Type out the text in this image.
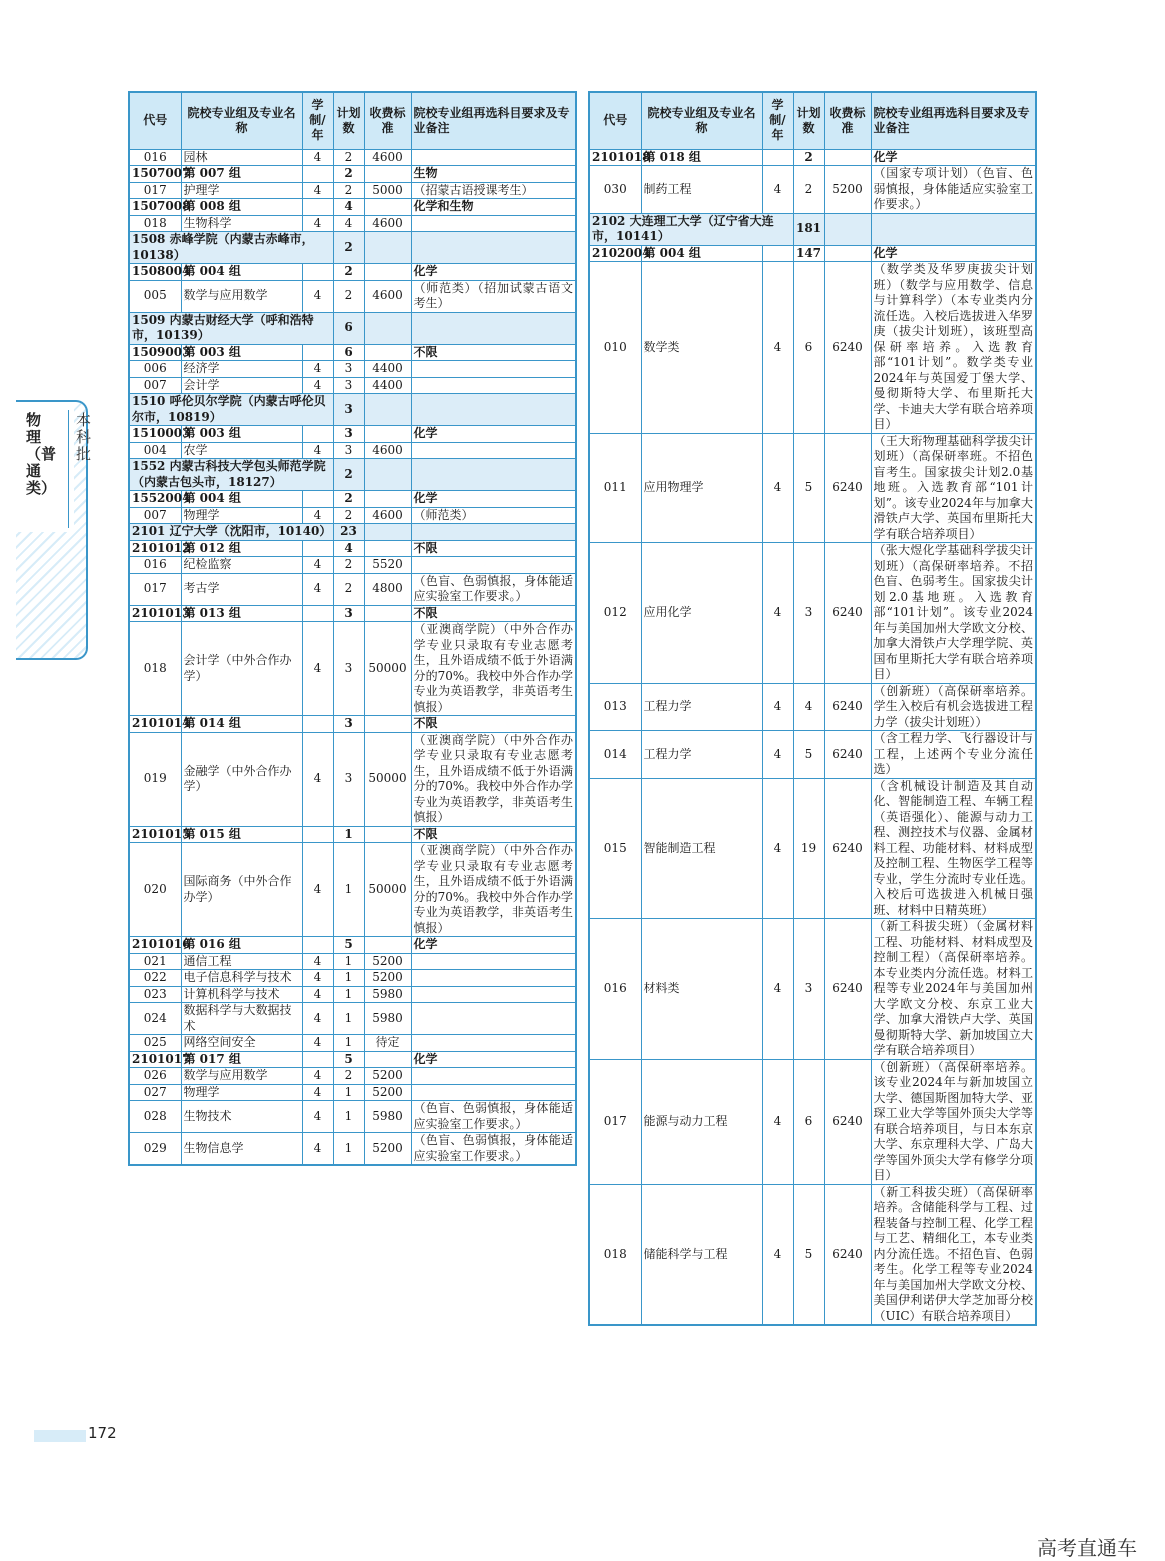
代号	院校专业组及专业名称	学制/年	计划数	收费标准	院校专业组再选科目要求及专业备注
016	园林	4	2	4600	
1507007	第 007 组		2		生物
017	护理学	4	2	5000	（招蒙古语授课考生）
1507008	第 008 组		4		化学和生物
018	生物科学	4	4	4600	
1508 赤峰学院（内蒙古赤峰市，10138）			2		
1508004	第 004 组		2		化学
005	数学与应用数学	4	2	4600	（师范类）（招加试蒙古语文考生）
1509 内蒙古财经大学（呼和浩特市，10139）			6		
1509003	第 003 组		6		不限
006	经济学	4	3	4400	
007	会计学	4	3	4400	
1510 呼伦贝尔学院（内蒙古呼伦贝尔市，10819）			3		
1510003	第 003 组		3		化学
004	农学	4	3	4600	
1552 内蒙古科技大学包头师范学院（内蒙古包头市，18127）			2		
1552004	第 004 组		2		化学
007	物理学	4	2	4600	（师范类）
2101 辽宁大学（沈阳市，10140）			23		
2101012	第 012 组		4		不限
016	纪检监察	4	2	5520	
017	考古学	4	2	4800	（色盲、色弱慎报，身体能适应实验室工作要求。）
2101013	第 013 组		3		不限
018	会计学（中外合作办学）	4	3	50000	（亚澳商学院）（中外合作办学专业只录取有专业志愿考生，且外语成绩不低于外语满分的70%。我校中外合作办学专业为英语教学，非英语考生慎报）
2101014	第 014 组		3		不限
019	金融学（中外合作办学）	4	3	50000	（亚澳商学院）（中外合作办学专业只录取有专业志愿考生，且外语成绩不低于外语满分的70%。我校中外合作办学专业为英语教学，非英语考生慎报）
2101015	第 015 组		1		不限
020	国际商务（中外合作办学）	4	1	50000	（亚澳商学院）（中外合作办学专业只录取有专业志愿考生，且外语成绩不低于外语满分的70%。我校中外合作办学专业为英语教学，非英语考生慎报）
2101016	第 016 组		5		化学
021	通信工程	4	1	5200	
022	电子信息科学与技术	4	1	5200	
023	计算机科学与技术	4	1	5980	
024	数据科学与大数据技术	4	1	5980	
025	网络空间安全	4	1	待定	
2101017	第 017 组		5		化学
026	数学与应用数学	4	2	5200	
027	物理学	4	1	5200	
028	生物技术	4	1	5980	（色盲、色弱慎报，身体能适应实验室工作要求。）
029	生物信息学	4	1	5200	（色盲、色弱慎报，身体能适应实验室工作要求。）
代号	院校专业组及专业名称	学制/年	计划数	收费标准	院校专业组再选科目要求及专业备注
2101018	第 018 组		2		化学
030	制药工程	4	2	5200	（国家专项计划）（色盲、色弱慎报，身体能适应实验室工作要求。）
2102 大连理工大学（辽宁省大连市，10141）			181		
2102004	第 004 组		147		化学
010	数学类	4	6	6240	（数学类及华罗庚拔尖计划班）（数学与应用数学、信息与计算科学）（本专业类内分流任选。入校后选拔进入华罗庚（拔尖计划班），该班型高保研率培养。入选教育部“101计划”。数学类专业2024年与英国爱丁堡大学、曼彻斯特大学、布里斯托大学、卡迪夫大学有联合培养项目）
011	应用物理学	4	5	6240	（王大珩物理基础科学拔尖计划班）（高保研率班。不招色盲考生。国家拔尖计划2.0基地班。入选教育部“101计划”。该专业2024年与加拿大滑铁卢大学、英国布里斯托大学有联合培养项目）
012	应用化学	4	3	6240	（张大煜化学基础科学拔尖计划班）（高保研率培养。不招色盲、色弱考生。国家拔尖计划2.0基地班。入选教育部“101计划”。该专业2024年与美国加州大学欧文分校、加拿大滑铁卢大学理学院、英国布里斯托大学有联合培养项目）
013	工程力学	4	4	6240	（创新班）（高保研率培养。学生入校后有机会选拔进工程力学（拔尖计划班））
014	工程力学	4	5	6240	（含工程力学、飞行器设计与工程，上述两个专业分流任选）
015	智能制造工程	4	19	6240	（含机械设计制造及其自动化、智能制造工程、车辆工程（英语强化）、能源与动力工程、测控技术与仪器、金属材料工程、功能材料、材料成型及控制工程、生物医学工程等专业，学生分流时专业任选。入校后可选拔进入机械日强班、材料中日精英班）
016	材料类	4	3	6240	（新工科拔尖班）（金属材料工程、功能材料、材料成型及控制工程）（高保研率培养。本专业类内分流任选。材料工程等专业2024年与美国加州大学欧文分校、东京工业大学、加拿大滑铁卢大学、英国曼彻斯特大学、新加坡国立大学有联合培养项目）
017	能源与动力工程	4	6	6240	（创新班）（高保研率培养。该专业2024年与新加坡国立大学、德国斯图加特大学、亚琛工业大学等国外顶尖大学等有联合培养项目，与日本东京大学、东京理科大学、广岛大学等国外顶尖大学有修学分项目）
018	储能科学与工程	4	5	6240	（新工科拔尖班）（高保研率培养。含储能科学与工程、过程装备与控制工程、化学工程与工艺、精细化工，本专业类内分流任选。不招色盲、色弱考生。化学工程等专业2024年与美国加州大学欧文分校、美国伊利诺伊大学芝加哥分校（UIC）有联合培养项目）
物理（普通类）
本科批
172
高考直通车
